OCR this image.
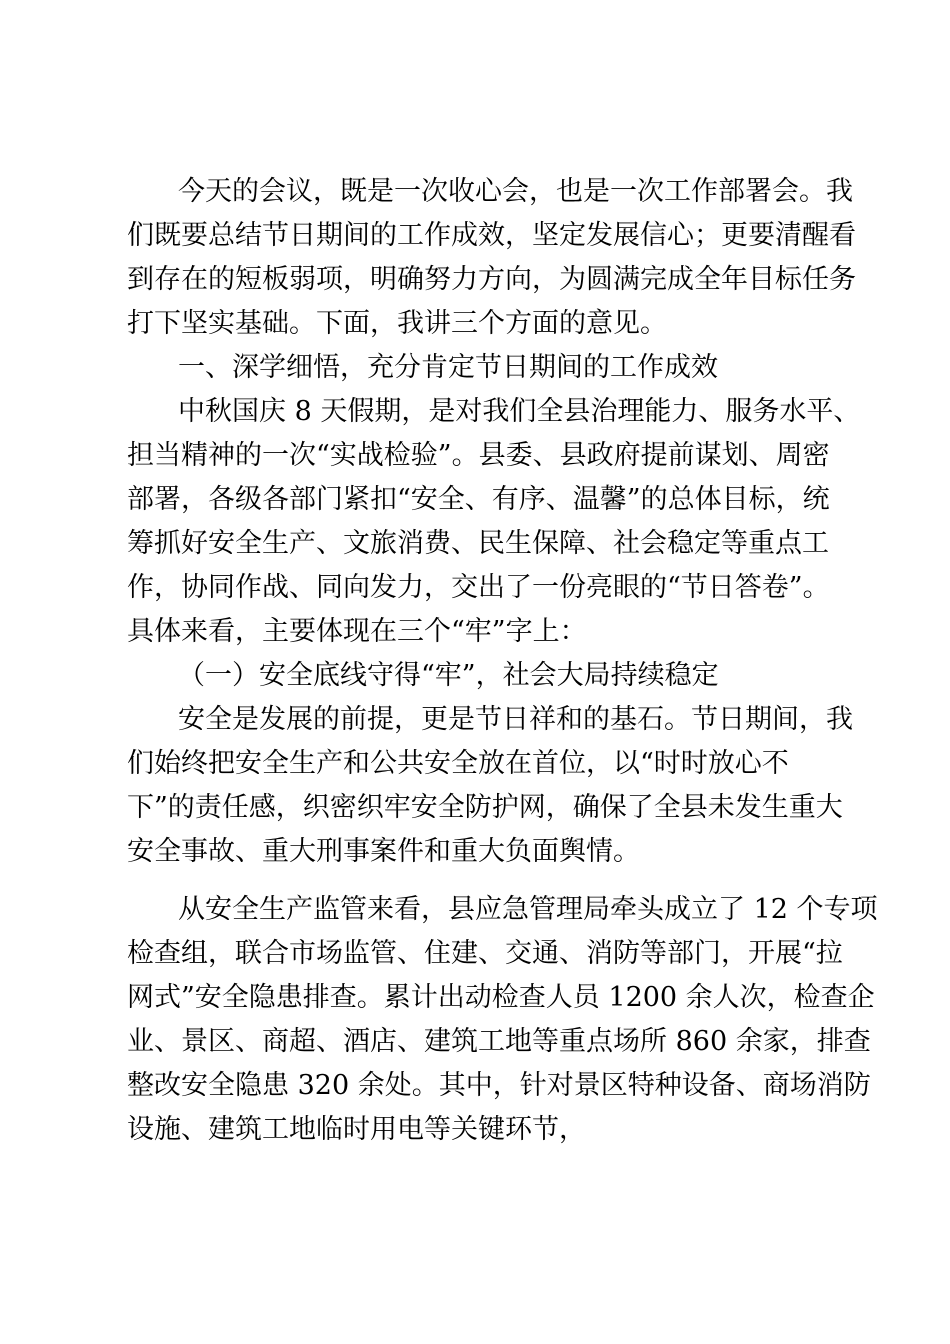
今天的会议，既是一次收心会，也是一次工作部署会。我
们既要总结节日期间的工作成效，坚定发展信心；更要清醒看
到存在的短板弱项，明确努力方向，为圆满完成全年目标任务
打下坚实基础。下面，我讲三个方面的意见。
一、深学细悟，充分肯定节日期间的工作成效
中秋国庆 8 天假期，是对我们全县治理能力、服务水平、
担当精神的一次“实战检验”。县委、县政府提前谋划、周密
部署，各级各部门紧扣“安全、有序、温馨”的总体目标，统
筹抓好安全生产、文旅消费、民生保障、社会稳定等重点工
作，协同作战、同向发力，交出了一份亮眼的“节日答卷”。
具体来看，主要体现在三个“牢”字上：
（一）安全底线守得“牢”，社会大局持续稳定
安全是发展的前提，更是节日祥和的基石。节日期间，我
们始终把安全生产和公共安全放在首位，以“时时放心不
下”的责任感，织密织牢安全防护网，确保了全县未发生重大
安全事故、重大刑事案件和重大负面舆情。
从安全生产监管来看，县应急管理局牵头成立了 12 个专项
检查组，联合市场监管、住建、交通、消防等部门，开展“拉
网式”安全隐患排查。累计出动检查人员 1200 余人次，检查企
业、景区、商超、酒店、建筑工地等重点场所 860 余家，排查
整改安全隐患 320 余处。其中，针对景区特种设备、商场消防
设施、建筑工地临时用电等关键环节，
